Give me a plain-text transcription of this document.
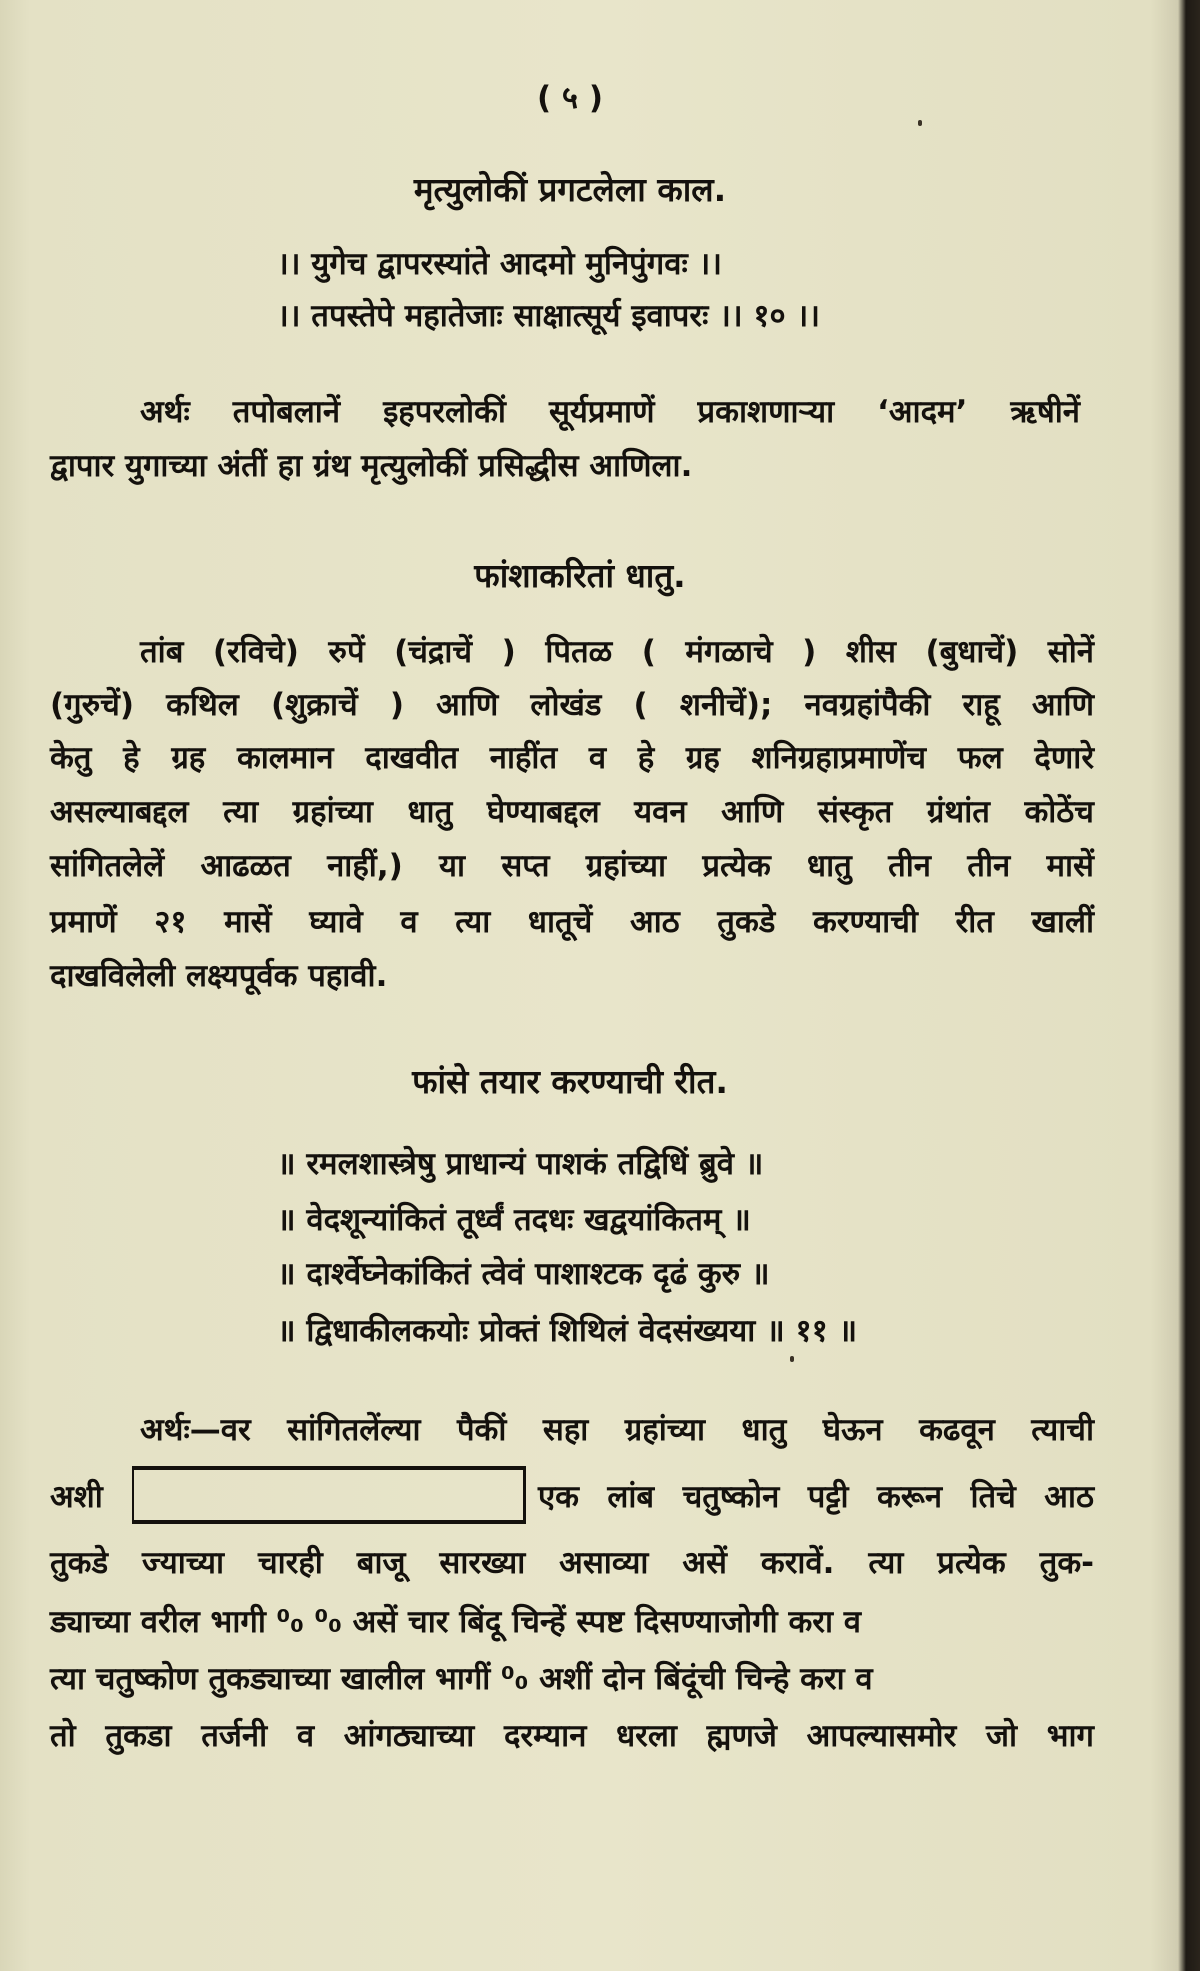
( ५ )
मृत्युलोकीं प्रगटलेला काल.
।। युगेच द्वापरस्यांते आदमो मुनिपुंगवः ।।
।। तपस्तेपे महातेजाः साक्षात्सूर्य इवापरः ।। १० ।।
अर्थः तपोबलानें इहपरलोकीं सूर्यप्रमाणें प्रकाशणाऱ्या ‘आदम’ ऋषीनें
द्वापार युगाच्या अंतीं हा ग्रंथ मृत्युलोकीं प्रसिद्धीस आणिला.
फांशाकरितां धातु.
तांब (रविचे) रुपें (चंद्राचें ) पितळ ( मंगळाचे ) शीस (बुधाचें) सोनें
(गुरुचें) कथिल (शुक्राचें ) आणि लोखंड ( शनीचें); नवग्रहांपैकी राहू आणि
केतु हे ग्रह कालमान दाखवीत नाहींत व हे ग्रह शनिग्रहाप्रमाणेंच फल देणारे
असल्याबद्दल त्या ग्रहांच्या धातु घेण्याबद्दल यवन आणि संस्कृत ग्रंथांत कोठेंच
सांगितलेलें आढळत नाहीं,) या सप्त ग्रहांच्या प्रत्येक धातु तीन तीन मासें
प्रमाणें २१ मासें घ्यावे व त्या धातूचें आठ तुकडे करण्याची रीत खालीं
दाखविलेली लक्ष्यपूर्वक पहावी.
फांसे तयार करण्याची रीत.
॥ रमलशास्त्रेषु प्राधान्यं पाशकं तद्विधिं ब्रुवे ॥
॥ वेदशून्यांकितं तूर्ध्वं तदधः खद्वयांकितम् ॥
॥ दार्श्वेघ्नेकांकितं त्वेवं पाशाश्टक दृढं कुरु ॥
॥ द्विधाकीलकयोः प्रोक्तं शिथिलं वेदसंख्यया ॥ ११ ॥
अर्थः—वर सांगितलेंल्या पैकीं सहा ग्रहांच्या धातु घेऊन कढवून त्याची
अशी	एक लांब चतुष्कोन पट्टी करून तिचे आठ
तुकडे ज्याच्या चारही बाजू सारख्या असाव्या असें करावें. त्या प्रत्येक तुक-
ड्याच्या वरील भागी ⁰₀ ⁰₀ असें चार बिंदू चिन्हें स्पष्ट दिसण्याजोगी करा व
त्या चतुष्कोण तुकड्याच्या खालील भागीं ⁰₀ अशीं दोन बिंदूंची चिन्हे करा व
तो तुकडा तर्जनी व आंगठ्याच्या दरम्यान धरला ह्मणजे आपल्यासमोर जो भाग
